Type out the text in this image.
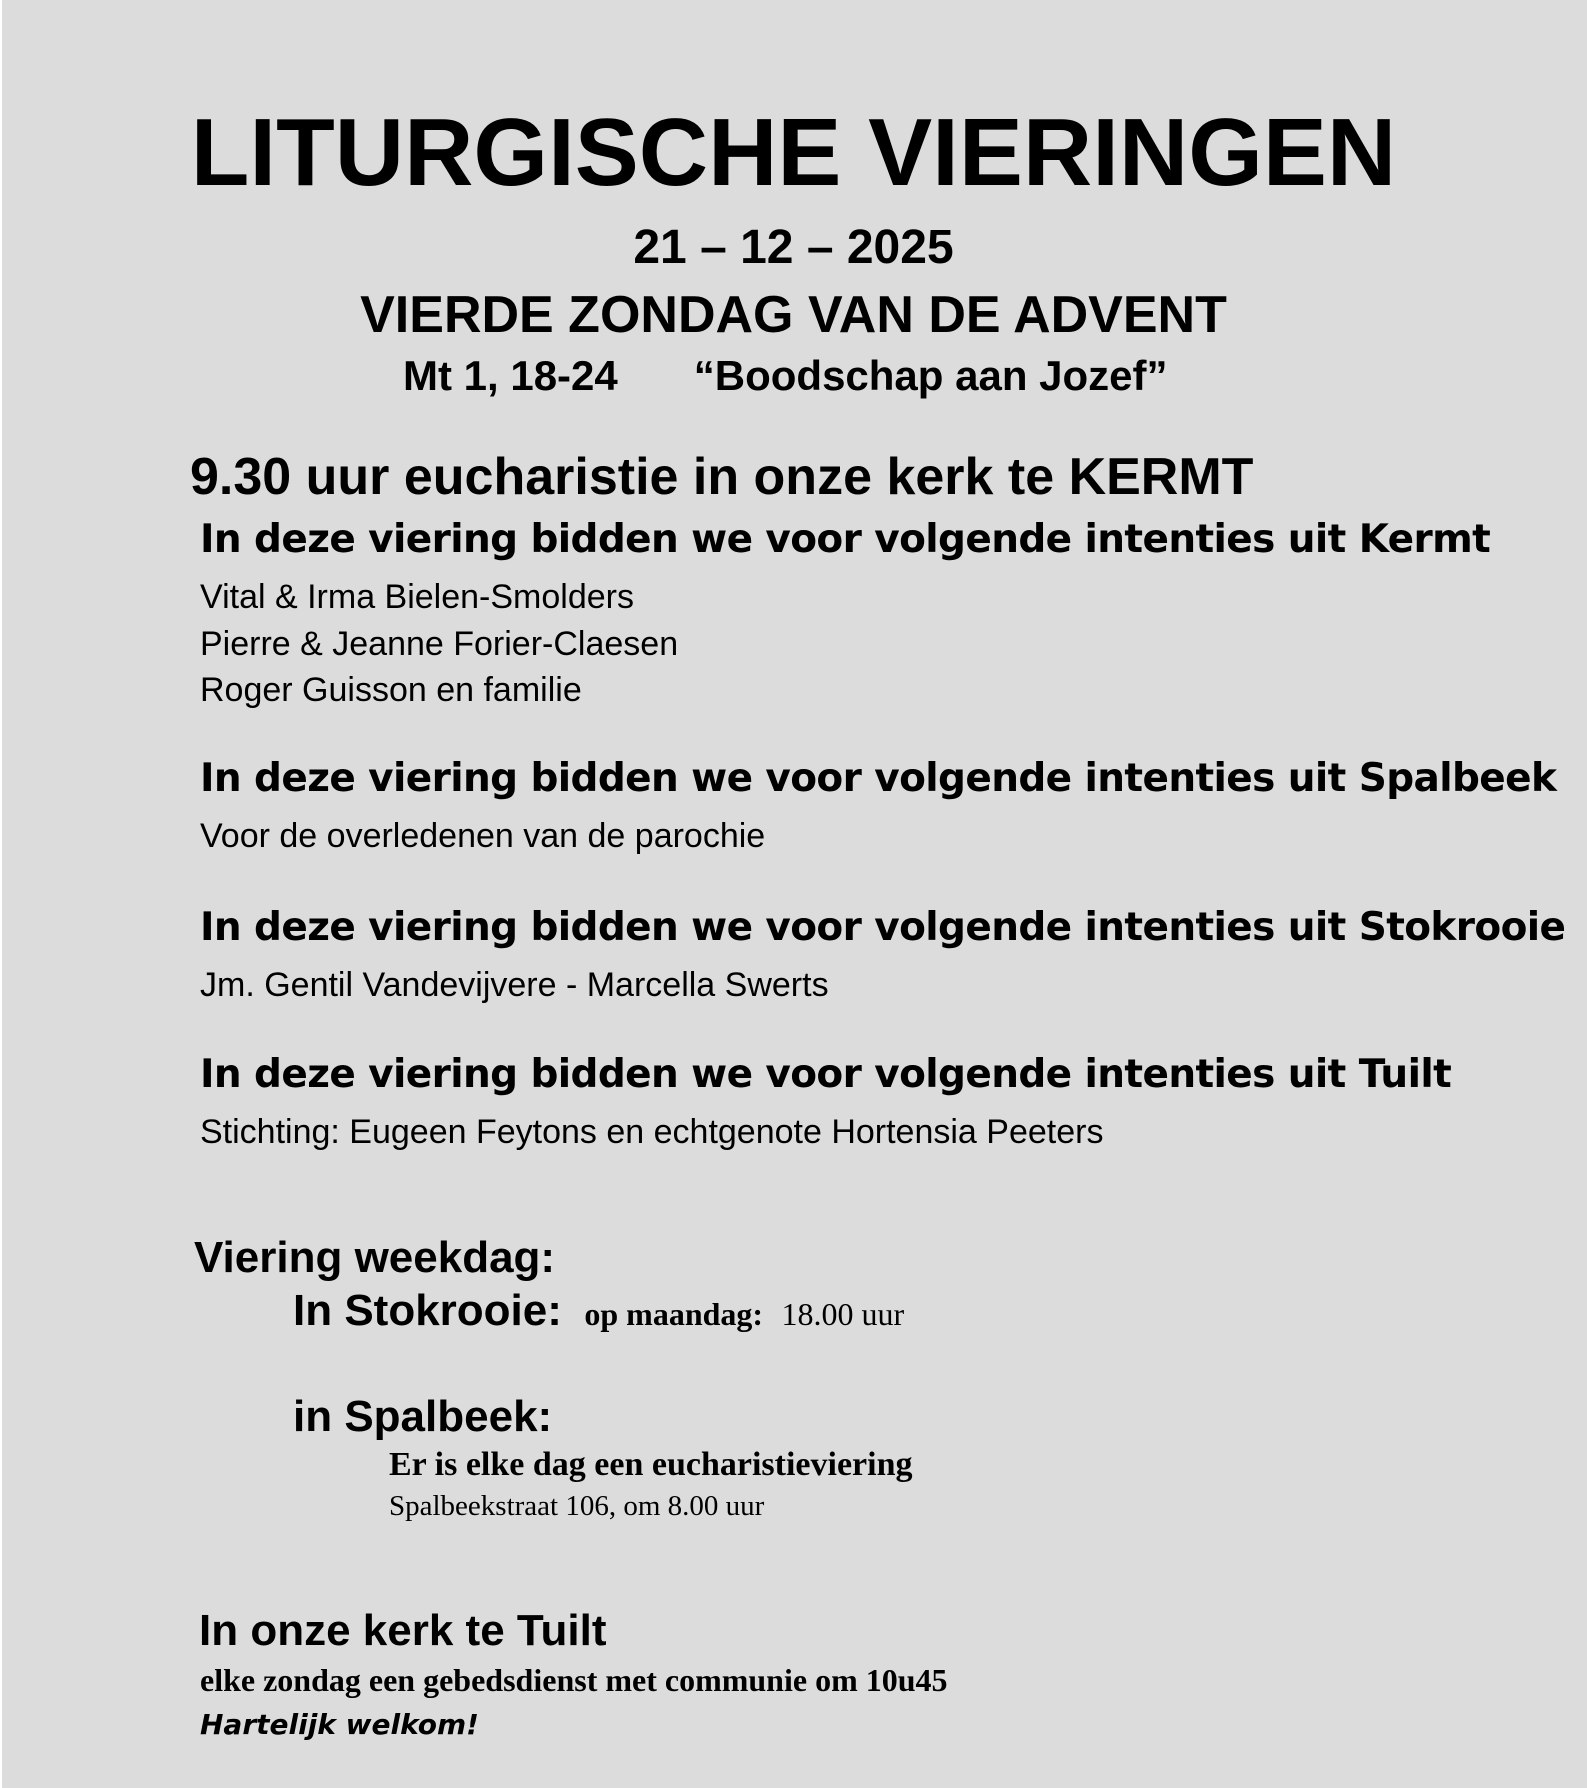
LITURGISCHE VIERINGEN
21 – 12 – 2025
VIERDE ZONDAG VAN DE ADVENT
Mt 1, 18-24 “Boodschap aan Jozef”
9.30 uur eucharistie in onze kerk te KERMT
In deze viering bidden we voor volgende intenties uit Kermt
Vital & Irma Bielen-Smolders
Pierre & Jeanne Forier-Claesen
Roger Guisson en familie
In deze viering bidden we voor volgende intenties uit Spalbeek
Voor de overledenen van de parochie
In deze viering bidden we voor volgende intenties uit Stokrooie
Jm. Gentil Vandevijvere - Marcella Swerts
In deze viering bidden we voor volgende intenties uit Tuilt
Stichting: Eugeen Feytons en echtgenote Hortensia Peeters
Viering weekdag:
In Stokrooie: op maandag: 18.00 uur
in Spalbeek:
Er is elke dag een eucharistieviering
Spalbeekstraat 106, om 8.00 uur
In onze kerk te Tuilt
elke zondag een gebedsdienst met communie om 10u45
Hartelijk welkom!
